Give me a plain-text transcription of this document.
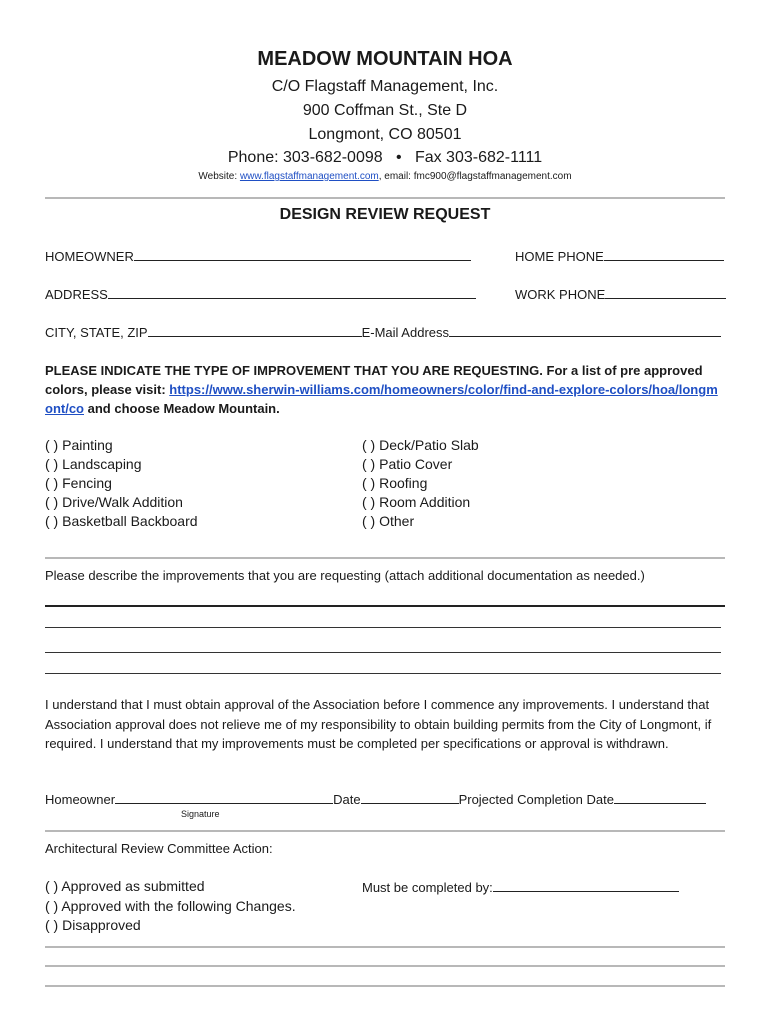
MEADOW MOUNTAIN HOA
C/O Flagstaff Management, Inc.
900 Coffman St., Ste D
Longmont, CO 80501
Phone: 303-682-0098 • Fax 303-682-1111
Website: www.flagstaffmanagement.com, email: fmc900@flagstaffmanagement.com
DESIGN REVIEW REQUEST
HOMEOWNER	HOME PHONE
ADDRESS	WORK PHONE
CITY, STATE, ZIP	E-Mail Address
PLEASE INDICATE THE TYPE OF IMPROVEMENT THAT YOU ARE REQUESTING. For a list of pre approved colors, please visit: https://www.sherwin-williams.com/homeowners/color/find-and-explore-colors/hoa/longmont/co and choose Meadow Mountain.
( ) Painting
( ) Landscaping
( ) Fencing
( ) Drive/Walk Addition
( ) Basketball Backboard
( ) Deck/Patio Slab
( ) Patio Cover
( ) Roofing
( ) Room Addition
( ) Other
Please describe the improvements that you are requesting (attach additional documentation as needed.)
I understand that I must obtain approval of the Association before I commence any improvements. I understand that Association approval does not relieve me of my responsibility to obtain building permits from the City of Longmont, if required. I understand that my improvements must be completed per specifications or approval is withdrawn.
Homeowner	Date	Projected Completion Date
Signature
Architectural Review Committee Action:
( ) Approved as submitted
( ) Approved with the following Changes.
( ) Disapproved
Must be completed by:
